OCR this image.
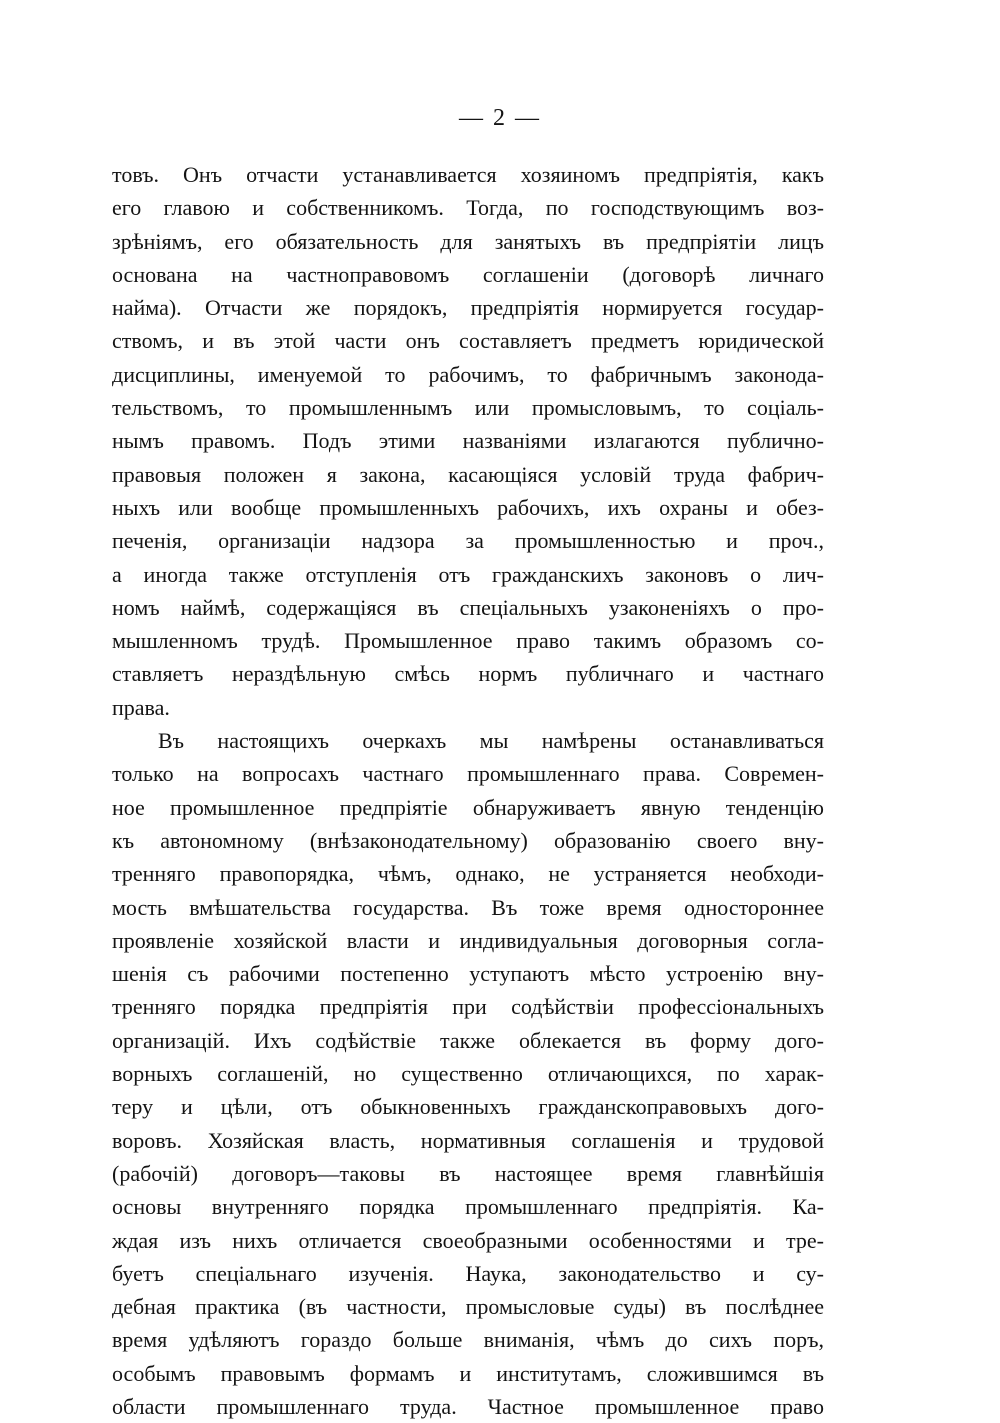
— 2 —
товъ. Онъ отчасти устанавливается хозяиномъ предпріятія, какъ
его главою и собственникомъ. Тогда, по господствующимъ воз-
зрѣніямъ, его обязательность для занятыхъ въ предпріятіи лицъ
основана на частноправовомъ соглашеніи (договорѣ личнаго
найма). Отчасти же порядокъ, предпріятія нормируется государ-
ствомъ, и въ этой части онъ составляетъ предметъ юридической
дисциплины, именуемой то рабочимъ, то фабричнымъ законода-
тельствомъ, то промышленнымъ или промысловымъ, то соціаль-
нымъ правомъ. Подъ этими названіями излагаются публично-
правовыя положен я закона, касающіяся условій труда фабрич-
ныхъ или вообще промышленныхъ рабочихъ, ихъ охраны и обез-
печенія, организаціи надзора за промышленностью и проч.,
а иногда также отступленія отъ гражданскихъ законовъ о лич-
номъ наймѣ, содержащіяся въ спеціальныхъ узаконеніяхъ о про-
мышленномъ трудѣ. Промышленное право такимъ образомъ со-
ставляетъ нераздѣльную смѣсь нормъ публичнаго и частнаго
права.
Въ настоящихъ очеркахъ мы намѣрены останавливаться
только на вопросахъ частнаго промышленнаго права. Современ-
ное промышленное предпріятіе обнаруживаетъ явную тенденцію
къ автономному (внѣзаконодательному) образованію своего вну-
тренняго правопорядка, чѣмъ, однако, не устраняется необходи-
мость вмѣшательства государства. Въ тоже время одностороннее
проявленіе хозяйской власти и индивидуальныя договорныя согла-
шенія съ рабочими постепенно уступаютъ мѣсто устроенію вну-
тренняго порядка предпріятія при содѣйствіи профессіональныхъ
организацій. Ихъ содѣйствіе также облекается въ форму дого-
ворныхъ соглашеній, но существенно отличающихся, по харак-
теру и цѣли, отъ обыкновенныхъ гражданскоправовыхъ дого-
воровъ. Хозяйская власть, нормативныя соглашенія и трудовой
(рабочій) договоръ—таковы въ настоящее время главнѣйшія
основы внутренняго порядка промышленнаго предпріятія. Ка-
ждая изъ нихъ отличается своеобразными особенностями и тре-
буетъ спеціальнаго изученія. Наука, законодательство и су-
дебная практика (въ частности, промысловые суды) въ послѣднее
время удѣляютъ гораздо больше вниманія, чѣмъ до сихъ поръ,
особымъ правовымъ формамъ и институтамъ, сложившимся въ
области промышленнаго труда. Частное промышленное право
